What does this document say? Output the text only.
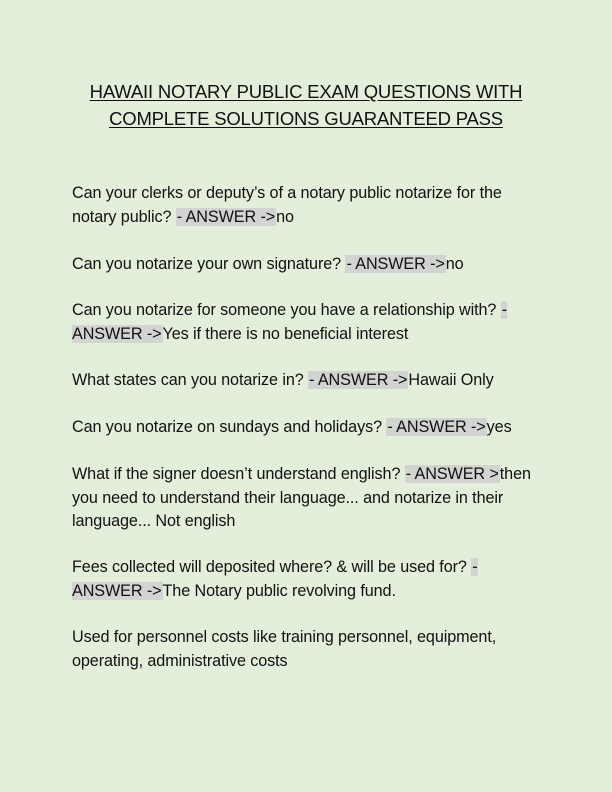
HAWAII NOTARY PUBLIC EXAM QUESTIONS WITH
COMPLETE SOLUTIONS GUARANTEED PASS

Can your clerks or deputy’s of a notary public notarize for the notary public? - ANSWER ->no

Can you notarize your own signature? - ANSWER ->no

Can you notarize for someone you have a relationship with? - ANSWER ->Yes if there is no beneficial interest

What states can you notarize in? - ANSWER ->Hawaii Only

Can you notarize on sundays and holidays? - ANSWER ->yes

What if the signer doesn’t understand english? - ANSWER >then you need to understand their language... and notarize in their language... Not english

Fees collected will deposited where? & will be used for? - ANSWER ->The Notary public revolving fund.

Used for personnel costs like training personnel, equipment, operating, administrative costs
